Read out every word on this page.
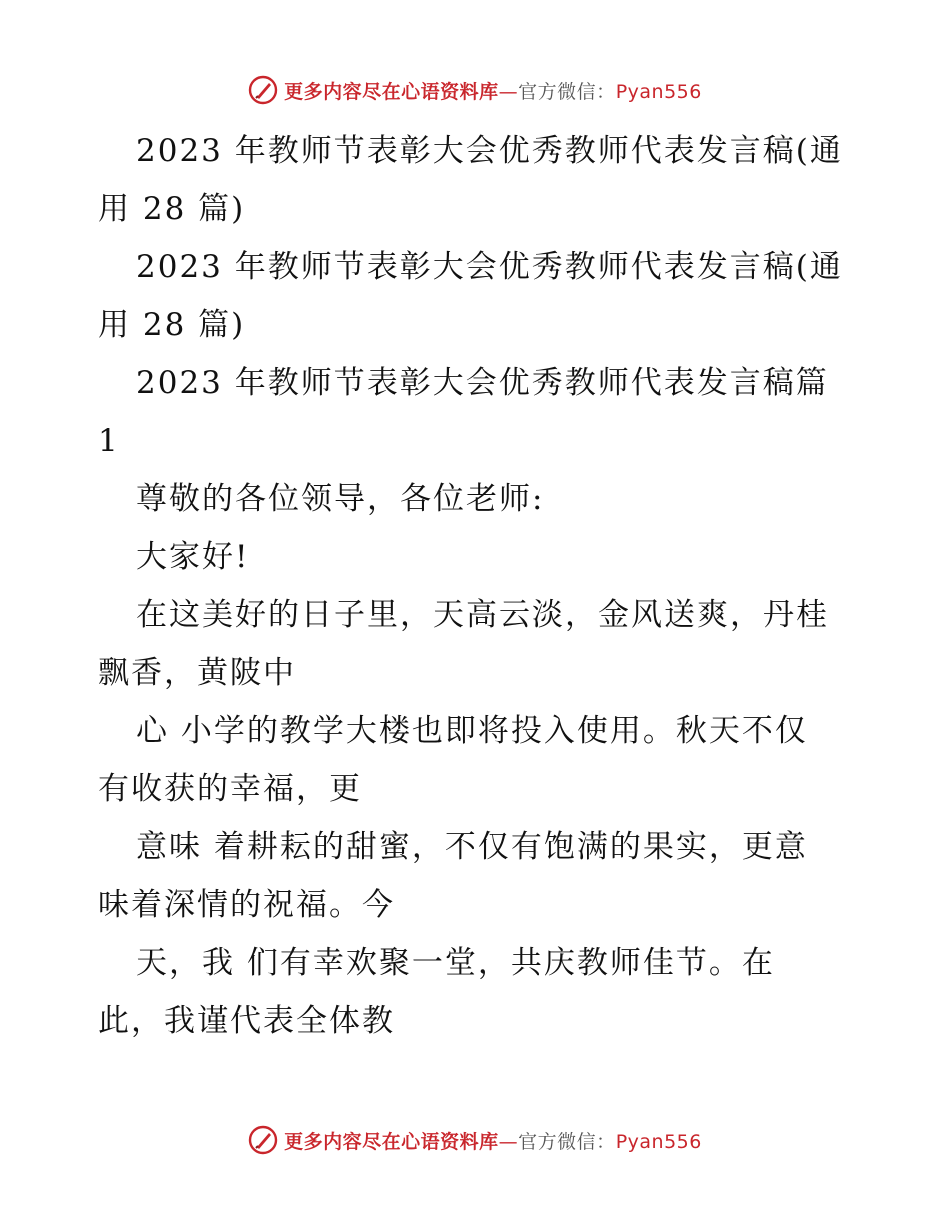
更多内容尽在心语资料库—官方微信：Pyan556
2023 年教师节表彰大会优秀教师代表发言稿(通
用 28 篇)
2023 年教师节表彰大会优秀教师代表发言稿(通
用 28 篇)
2023 年教师节表彰大会优秀教师代表发言稿篇
1
尊敬的各位领导，各位老师:
大家好!
在这美好的日子里，天高云淡，金风送爽，丹桂
飘香，黄陂中
心 小学的教学大楼也即将投入使用。秋天不仅
有收获的幸福，更
意味 着耕耘的甜蜜，不仅有饱满的果实，更意
味着深情的祝福。今
天，我 们有幸欢聚一堂，共庆教师佳节。在
此，我谨代表全体教
更多内容尽在心语资料库—官方微信：Pyan556
